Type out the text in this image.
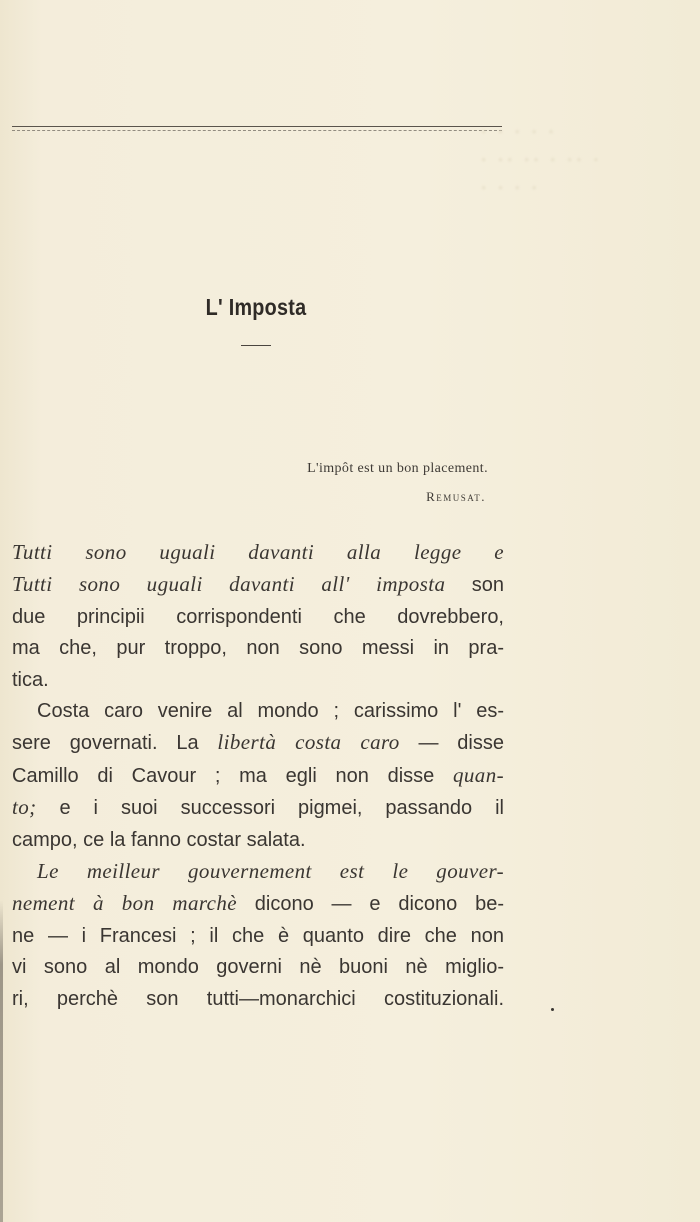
· · · · ·
· ·· ·· · ·· ·
· · · ·
L' Imposta
L'impôt est un bon placement.
Remusat.
Tutti sono uguali davanti alla legge e
Tutti sono uguali davanti all' imposta son
due principii corrispondenti che dovrebbero,
ma che, pur troppo, non sono messi in pra-
tica.
Costa caro venire al mondo ; carissimo l' es-
sere governati. La libertà costa caro — disse
Camillo di Cavour ; ma egli non disse quan-
to; e i suoi successori pigmei, passando il
campo, ce la fanno costar salata.
Le meilleur gouvernement est le gouver-
nement à bon marchè dicono — e dicono be-
ne — i Francesi ; il che è quanto dire che non
vi sono al mondo governi nè buoni nè miglio-
ri, perchè son tutti—monarchici costituzionali.
